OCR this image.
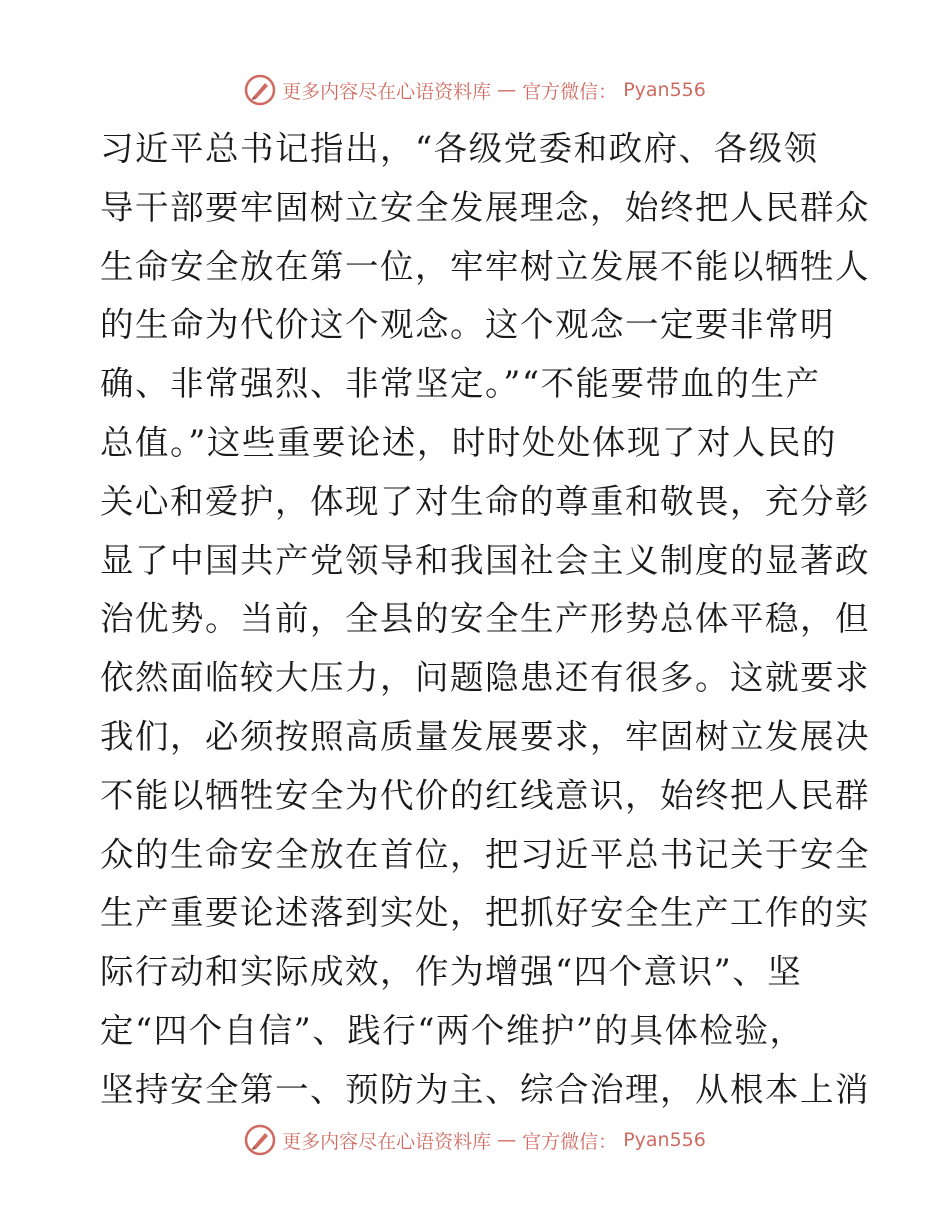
更多内容尽在心语资料库 — 官方微信： Pyan556
习近平总书记指出，“各级党委和政府、各级领
导干部要牢固树立安全发展理念，始终把人民群众
生命安全放在第一位，牢牢树立发展不能以牺牲人
的生命为代价这个观念。这个观念一定要非常明
确、非常强烈、非常坚定。”“不能要带血的生产
总值。”这些重要论述，时时处处体现了对人民的
关心和爱护，体现了对生命的尊重和敬畏，充分彰
显了中国共产党领导和我国社会主义制度的显著政
治优势。当前，全县的安全生产形势总体平稳，但
依然面临较大压力，问题隐患还有很多。这就要求
我们，必须按照高质量发展要求，牢固树立发展决
不能以牺牲安全为代价的红线意识，始终把人民群
众的生命安全放在首位，把习近平总书记关于安全
生产重要论述落到实处，把抓好安全生产工作的实
际行动和实际成效，作为增强“四个意识”、坚
定“四个自信”、践行“两个维护”的具体检验，
坚持安全第一、预防为主、综合治理，从根本上消
更多内容尽在心语资料库 — 官方微信： Pyan556
